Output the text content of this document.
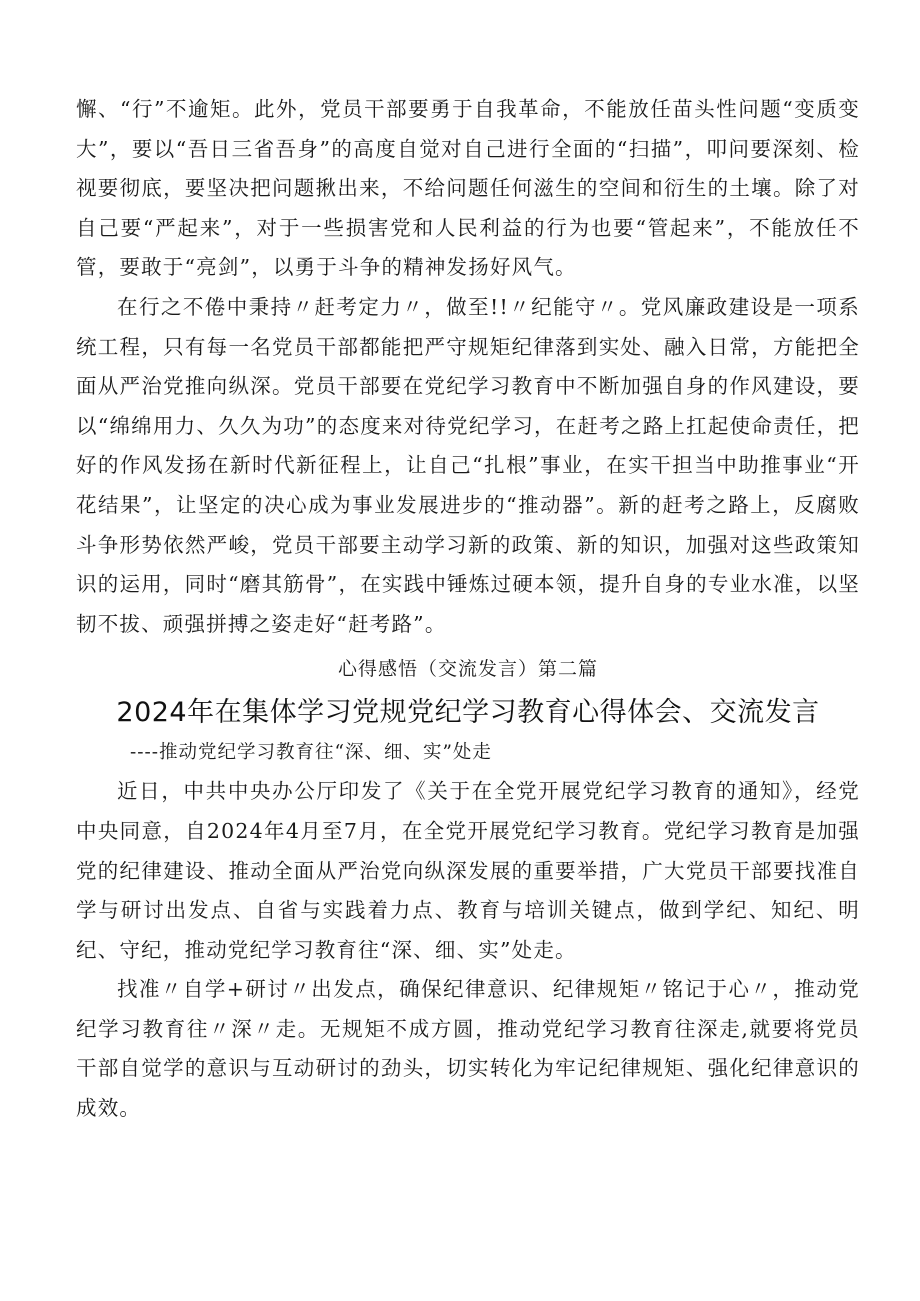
懈、“行”不逾矩。此外，党员干部要勇于自我革命，不能放任苗头性问题“变质变大”，要以“吾日三省吾身”的高度自觉对自己进行全面的“扫描”，叩问要深刻、检视要彻底，要坚决把问题揪出来，不给问题任何滋生的空间和衍生的土壤。除了对自己要“严起来”，对于一些损害党和人民利益的行为也要“管起来”，不能放任不管，要敢于“亮剑”，以勇于斗争的精神发扬好风气。

在行之不倦中秉持〃赶考定力〃，做至!!〃纪能守〃。党风廉政建设是一项系统工程，只有每一名党员干部都能把严守规矩纪律落到实处、融入日常，方能把全面从严治党推向纵深。党员干部要在党纪学习教育中不断加强自身的作风建设，要以“绵绵用力、久久为功”的态度来对待党纪学习，在赶考之路上扛起使命责任，把好的作风发扬在新时代新征程上，让自己“扎根”事业，在实干担当中助推事业“开花结果”，让坚定的决心成为事业发展进步的“推动器”。新的赶考之路上，反腐败斗争形势依然严峻，党员干部要主动学习新的政策、新的知识，加强对这些政策知识的运用，同时“磨其筋骨”，在实践中锤炼过硬本领，提升自身的专业水准，以坚韧不拔、顽强拼搏之姿走好“赶考路”。

心得感悟（交流发言）第二篇
2024年在集体学习党规党纪学习教育心得体会、交流发言
----推动党纪学习教育往“深、细、实”处走

近日，中共中央办公厅印发了《关于在全党开展党纪学习教育的通知》，经党中央同意，自2024年4月至7月，在全党开展党纪学习教育。党纪学习教育是加强党的纪律建设、推动全面从严治党向纵深发展的重要举措，广大党员干部要找准自学与研讨出发点、自省与实践着力点、教育与培训关键点，做到学纪、知纪、明纪、守纪，推动党纪学习教育往“深、细、实”处走。

找准〃自学+研讨〃出发点，确保纪律意识、纪律规矩〃铭记于心〃，推动党纪学习教育往〃深〃走。无规矩不成方圆，推动党纪学习教育往深走,就要将党员干部自觉学的意识与互动研讨的劲头，切实转化为牢记纪律规矩、强化纪律意识的成效。
